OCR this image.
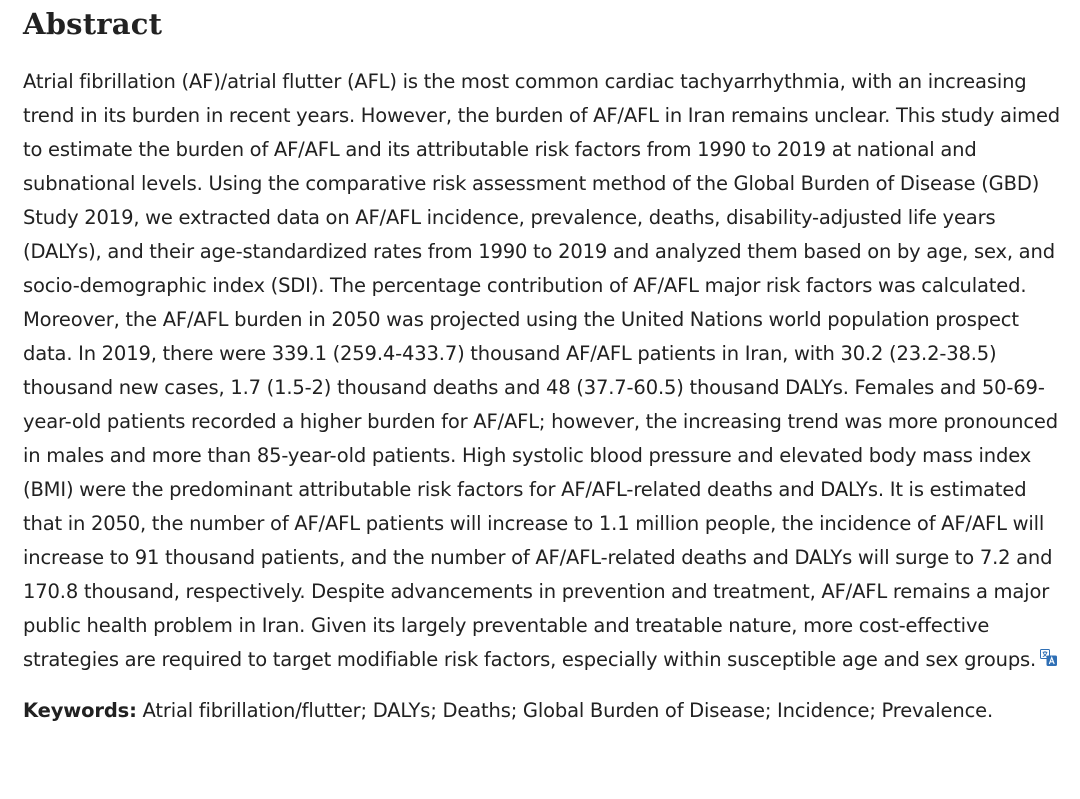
Abstract

Atrial fibrillation (AF)/atrial flutter (AFL) is the most common cardiac tachyarrhythmia, with an increasing trend in its burden in recent years. However, the burden of AF/AFL in Iran remains unclear. This study aimed to estimate the burden of AF/AFL and its attributable risk factors from 1990 to 2019 at national and subnational levels. Using the comparative risk assessment method of the Global Burden of Disease (GBD) Study 2019, we extracted data on AF/AFL incidence, prevalence, deaths, disability-adjusted life years (DALYs), and their age-standardized rates from 1990 to 2019 and analyzed them based on by age, sex, and socio-demographic index (SDI). The percentage contribution of AF/AFL major risk factors was calculated. Moreover, the AF/AFL burden in 2050 was projected using the United Nations world population prospect data. In 2019, there were 339.1 (259.4-433.7) thousand AF/AFL patients in Iran, with 30.2 (23.2-38.5) thousand new cases, 1.7 (1.5-2) thousand deaths and 48 (37.7-60.5) thousand DALYs. Females and 50-69-year-old patients recorded a higher burden for AF/AFL; however, the increasing trend was more pronounced in males and more than 85-year-old patients. High systolic blood pressure and elevated body mass index (BMI) were the predominant attributable risk factors for AF/AFL-related deaths and DALYs. It is estimated that in 2050, the number of AF/AFL patients will increase to 1.1 million people, the incidence of AF/AFL will increase to 91 thousand patients, and the number of AF/AFL-related deaths and DALYs will surge to 7.2 and 170.8 thousand, respectively. Despite advancements in prevention and treatment, AF/AFL remains a major public health problem in Iran. Given its largely preventable and treatable nature, more cost-effective strategies are required to target modifiable risk factors, especially within susceptible age and sex groups.

Keywords: Atrial fibrillation/flutter; DALYs; Deaths; Global Burden of Disease; Incidence; Prevalence.
